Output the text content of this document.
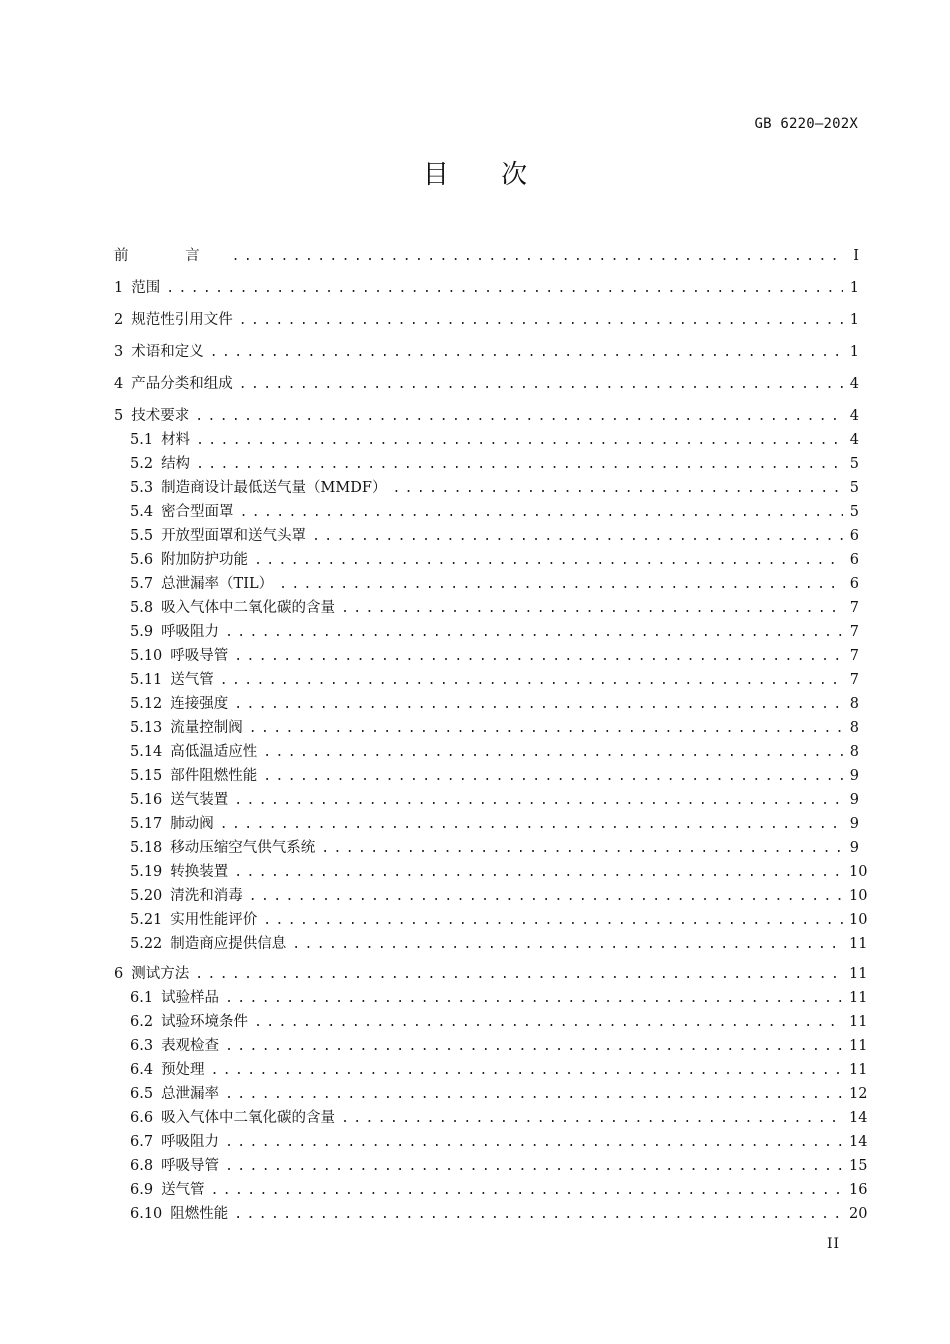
GB 6220—202X
目 次
前 言 .....	I
1 范围 .....	1
2 规范性引用文件 .....	1
3 术语和定义 .....	1
4 产品分类和组成 .....	4
5 技术要求 .....	4
5.1 材料 .....	4
5.2 结构 .....	5
5.3 制造商设计最低送气量（MMDF） .....	5
5.4 密合型面罩 .....	5
5.5 开放型面罩和送气头罩 .....	6
5.6 附加防护功能 .....	6
5.7 总泄漏率（TIL） .....	6
5.8 吸入气体中二氧化碳的含量 .....	7
5.9 呼吸阻力 .....	7
5.10 呼吸导管 .....	7
5.11 送气管 .....	7
5.12 连接强度 .....	8
5.13 流量控制阀 .....	8
5.14 高低温适应性 .....	8
5.15 部件阻燃性能 .....	9
5.16 送气装置 .....	9
5.17 肺动阀 .....	9
5.18 移动压缩空气供气系统 .....	9
5.19 转换装置 .....	10
5.20 清洗和消毒 .....	10
5.21 实用性能评价 .....	10
5.22 制造商应提供信息 .....	11
6 测试方法 .....	11
6.1 试验样品 .....	11
6.2 试验环境条件 .....	11
6.3 表观检查 .....	11
6.4 预处理 .....	11
6.5 总泄漏率 .....	12
6.6 吸入气体中二氧化碳的含量 .....	14
6.7 呼吸阻力 .....	14
6.8 呼吸导管 .....	15
6.9 送气管 .....	16
6.10 阻燃性能 .....	20
II
